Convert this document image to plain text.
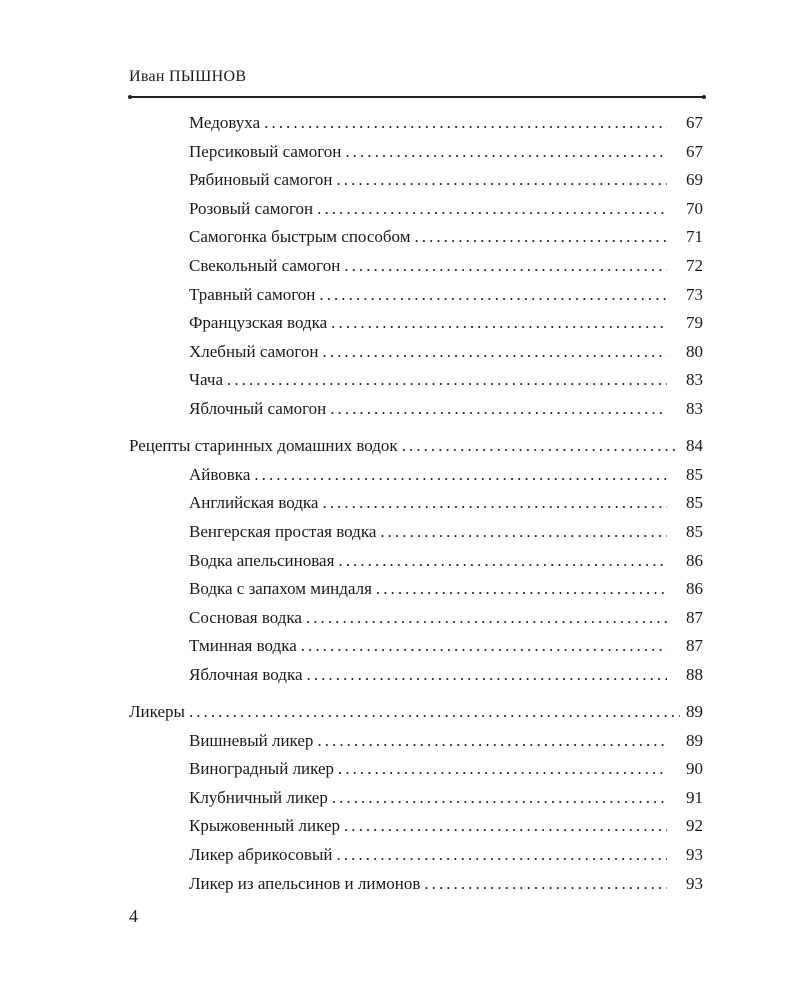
Иван ПЫШНОВ
Медовуха . . .	67
Персиковый самогон . . .	67
Рябиновый самогон . . .	69
Розовый самогон . . .	70
Самогонка быстрым способом . . .	71
Свекольный самогон . . .	72
Травный самогон . . .	73
Французская водка . . .	79
Хлебный самогон . . .	80
Чача . . .	83
Яблочный самогон . . .	83
Рецепты старинных домашних водок . . .	84
Айвовка . . .	85
Английская водка . . .	85
Венгерская простая водка . . .	85
Водка апельсиновая . . .	86
Водка с запахом миндаля . . .	86
Сосновая водка . . .	87
Тминная водка . . .	87
Яблочная водка . . .	88
Ликеры . . .	89
Вишневый ликер . . .	89
Виноградный ликер . . .	90
Клубничный ликер . . .	91
Крыжовенный ликер . . .	92
Ликер абрикосовый . . .	93
Ликер из апельсинов и лимонов . . .	93
4
